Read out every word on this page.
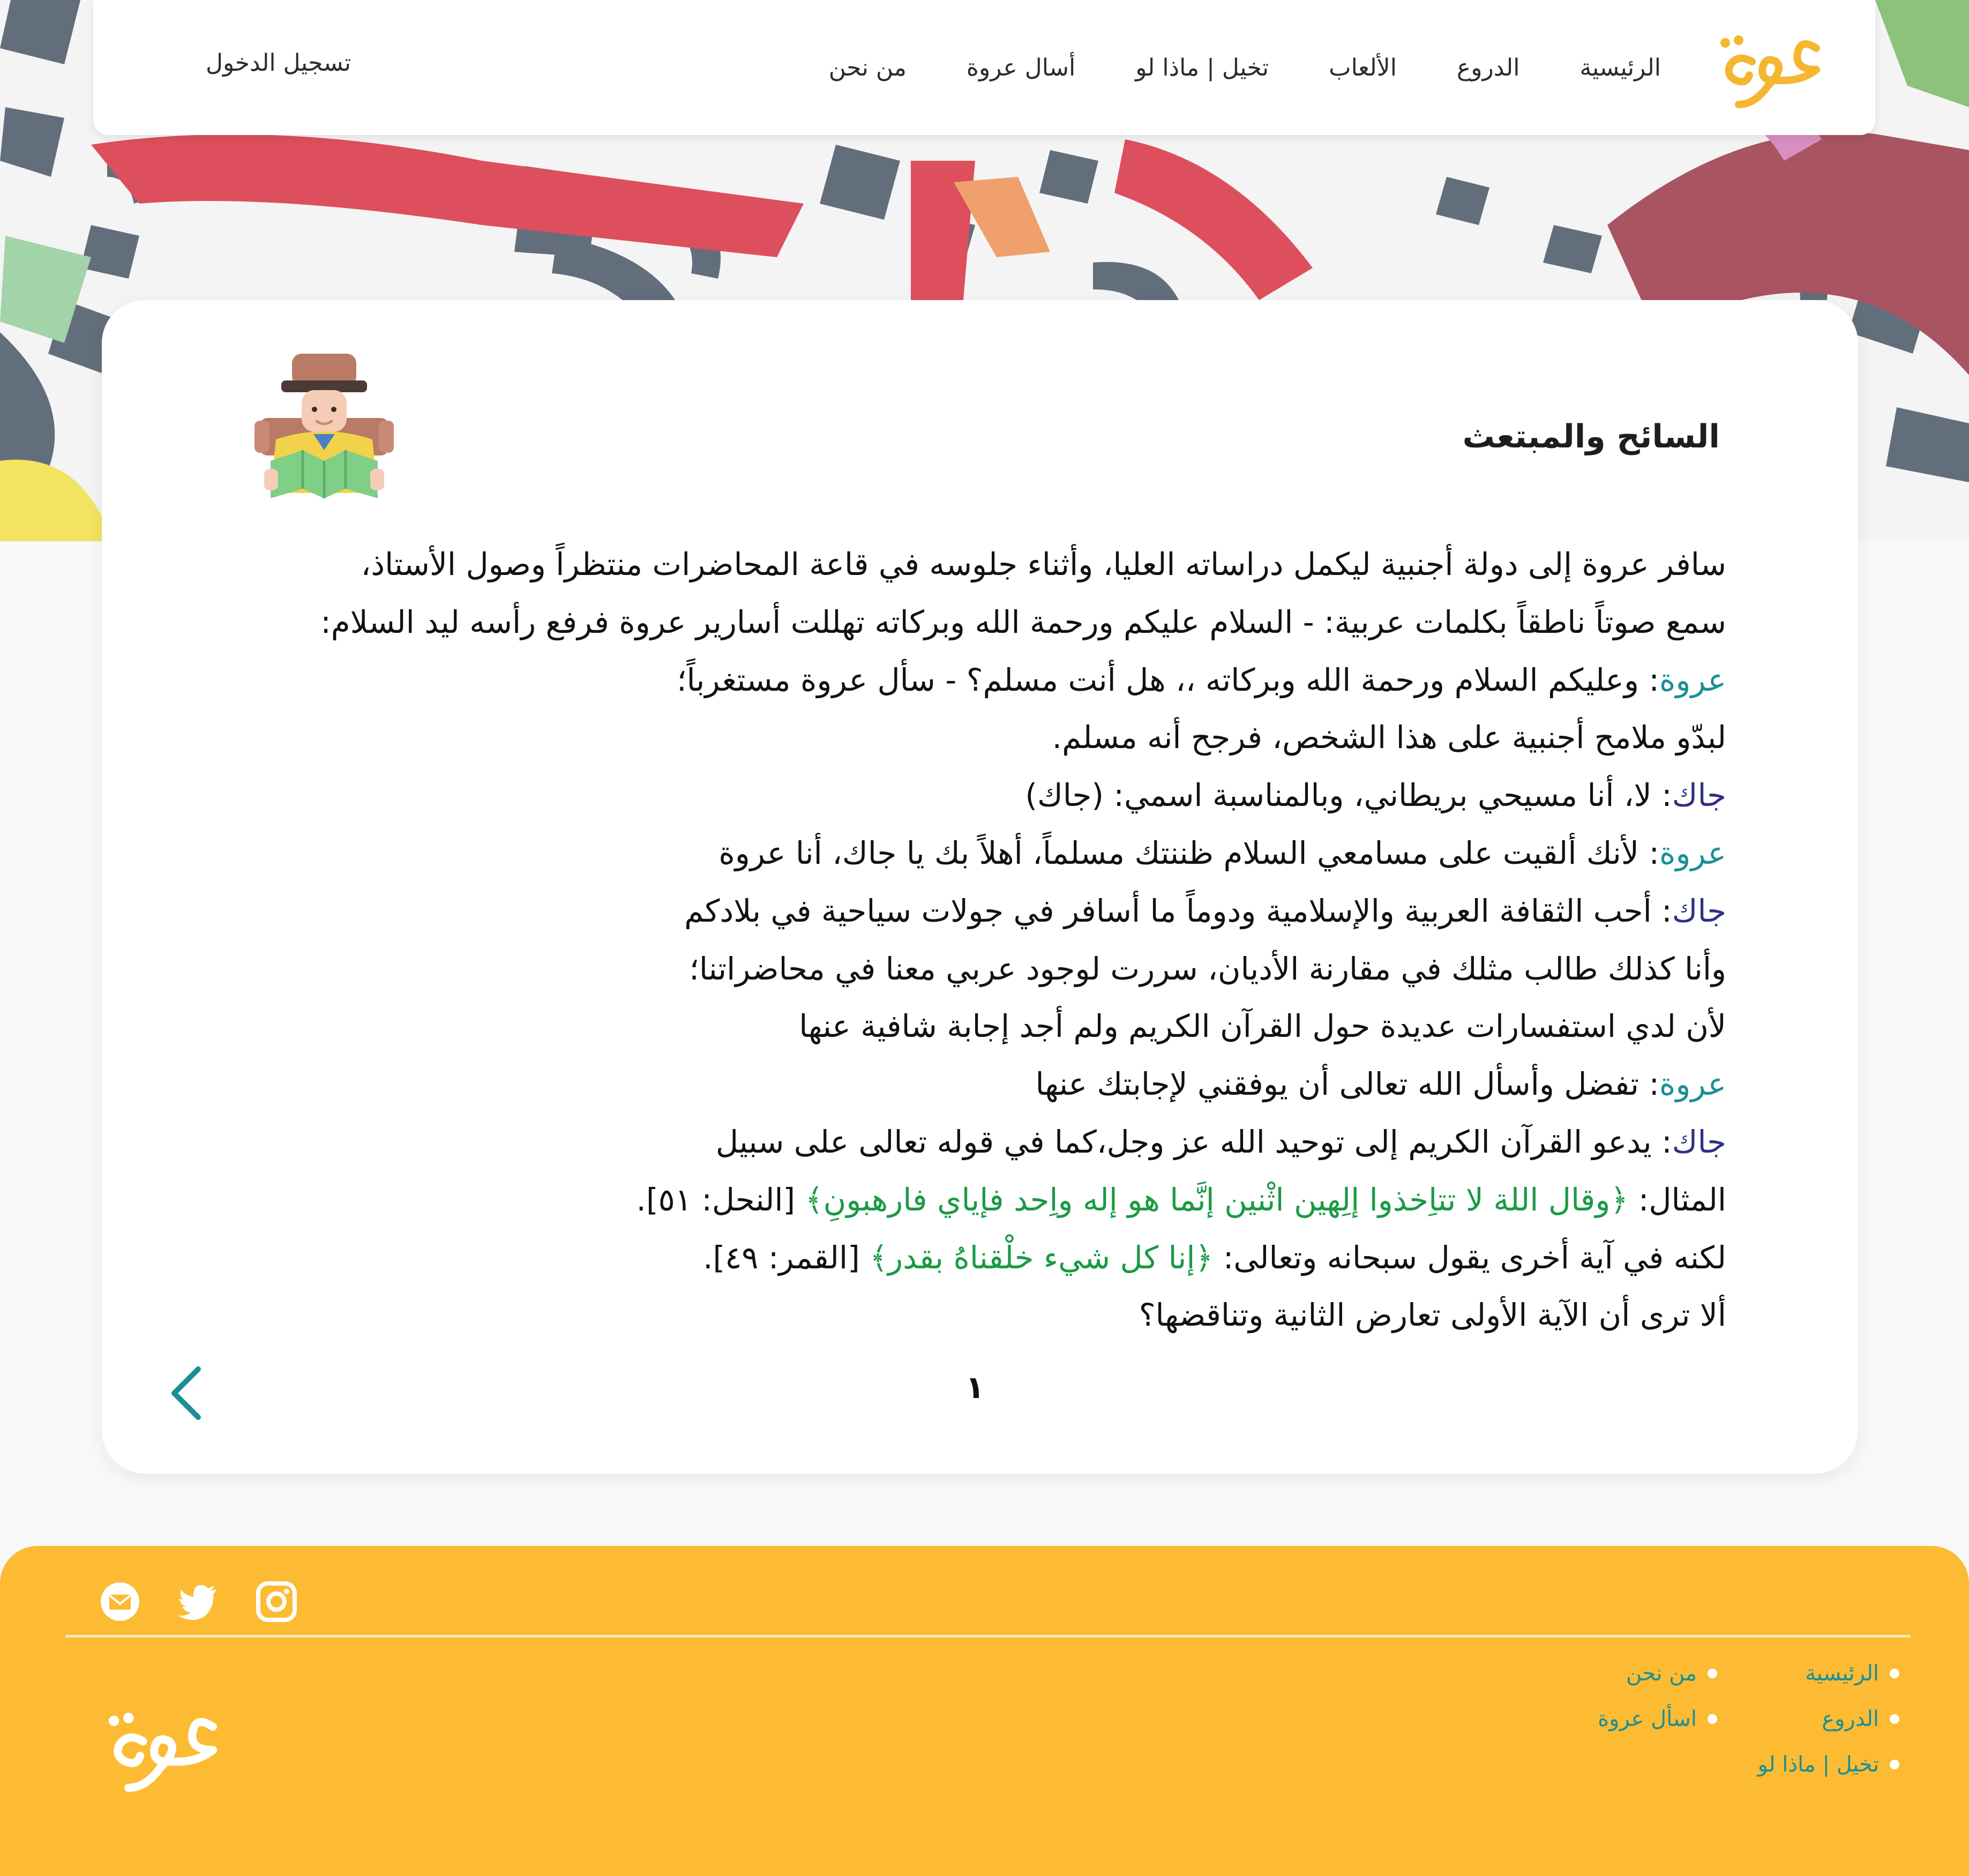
الرئيسية
الدروع
الألعاب
تخيل | ماذا لو
أسال عروة
من نحن
تسجيل الدخول
السائح والمبتعث
سافر عروة إلى دولة أجنبية ليكمل دراساته العليا، وأثناء جلوسه في قاعة المحاضرات منتظراً وصول الأستاذ،
سمع صوتاً ناطقاً بكلمات عربية: - السلام عليكم ورحمة الله وبركاته تهللت أسارير عروة فرفع رأسه ليد السلام:
عروة: وعليكم السلام ورحمة الله وبركاته ،، هل أنت مسلم؟ - سأل عروة مستغرباً؛
لبدّو ملامح أجنبية على هذا الشخص، فرجح أنه مسلم.
جاك: لا، أنا مسيحي بريطاني، وبالمناسبة اسمي: (جاك)
عروة: لأنك ألقيت على مسامعي السلام ظننتك مسلماً، أهلاً بك يا جاك، أنا عروة
جاك: أحب الثقافة العربية والإسلامية ودوماً ما أسافر في جولات سياحية في بلادكم
وأنا كذلك طالب مثلك في مقارنة الأديان، سررت لوجود عربي معنا في محاضراتنا؛
لأن لدي استفسارات عديدة حول القرآن الكريم ولم أجد إجابة شافية عنها
عروة: تفضل وأسأل الله تعالى أن يوفقني لإجابتك عنها
جاك: يدعو القرآن الكريم إلى توحيد الله عز وجل،كما في قوله تعالى على سبيل
المثال: ﴿وقال اللة لا تتاِخذوا إلِهين اثْنين إنَّما هو إله واِحد فإياي فارهبونِ﴾ [النحل: ٥١].
لكنه في آية أخرى يقول سبحانه وتعالى: ﴿إنا كل شيء خلْقناهُ بقدر﴾ [القمر: ٤٩].
ألا ترى أن الآية الأولى تعارض الثانية وتناقضها؟
١
الرئيسية
من نحن
الدروع
اسأل عروة
تخيل | ماذا لو
